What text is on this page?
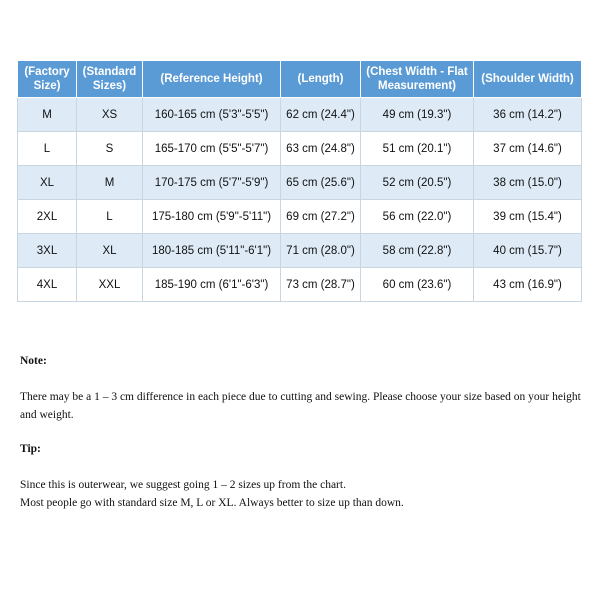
(Factory Size)	(Standard Sizes)	(Reference Height)	(Length)	(Chest Width - Flat Measurement)	(Shoulder Width)
M	XS	160-165 cm (5'3"-5'5")	62 cm (24.4")	49 cm (19.3")	36 cm (14.2")
L	S	165-170 cm (5'5"-5'7")	63 cm (24.8")	51 cm (20.1")	37 cm (14.6")
XL	M	170-175 cm (5'7"-5'9")	65 cm (25.6")	52 cm (20.5")	38 cm (15.0")
2XL	L	175-180 cm (5'9"-5'11")	69 cm (27.2")	56 cm (22.0")	39 cm (15.4")
3XL	XL	180-185 cm (5'11"-6'1")	71 cm (28.0")	58 cm (22.8")	40 cm (15.7")
4XL	XXL	185-190 cm (6'1"-6'3")	73 cm (28.7")	60 cm (23.6")	43 cm (16.9")

Note:

There may be a 1 – 3 cm difference in each piece due to cutting and sewing. Please choose your size based on your height and weight.

Tip:

Since this is outerwear, we suggest going 1 – 2 sizes up from the chart.

Most people go with standard size M, L or XL. Always better to size up than down.
